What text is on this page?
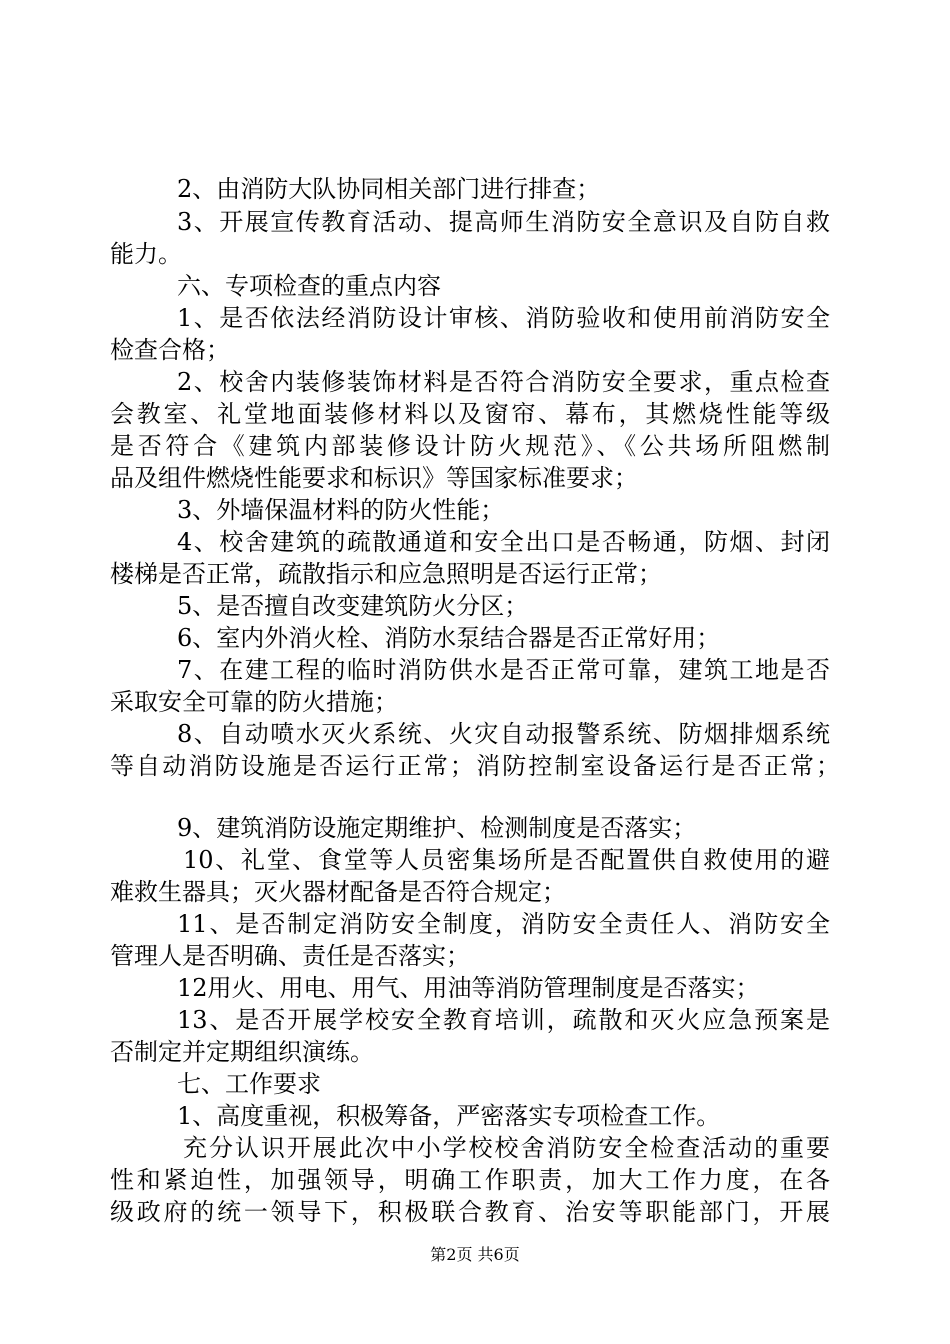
2、由消防大队协同相关部门进行排查；

3、开展宣传教育活动、提高师生消防安全意识及自防自救

能力。

六、专项检查的重点内容

1、是否依法经消防设计审核、消防验收和使用前消防安全

检查合格；

2、校舍内装修装饰材料是否符合消防安全要求，重点检查

会教室、礼堂地面装修材料以及窗帘、幕布，其燃烧性能等级

是否符合《建筑内部装修设计防火规范》、《公共场所阻燃制

品及组件燃烧性能要求和标识》等国家标准要求；

3、外墙保温材料的防火性能；

4、校舍建筑的疏散通道和安全出口是否畅通，防烟、封闭

楼梯是否正常，疏散指示和应急照明是否运行正常；

5、是否擅自改变建筑防火分区；

6、室内外消火栓、消防水泵结合器是否正常好用；

7、在建工程的临时消防供水是否正常可靠，建筑工地是否

采取安全可靠的防火措施；

8、自动喷水灭火系统、火灾自动报警系统、防烟排烟系统

等自动消防设施是否运行正常；消防控制室设备运行是否正常；

9、建筑消防设施定期维护、检测制度是否落实；

10、礼堂、食堂等人员密集场所是否配置供自救使用的避

难救生器具；灭火器材配备是否符合规定；

11、是否制定消防安全制度，消防安全责任人、消防安全

管理人是否明确、责任是否落实；

12用火、用电、用气、用油等消防管理制度是否落实；

13、是否开展学校安全教育培训，疏散和灭火应急预案是

否制定并定期组织演练。

七、工作要求

1、高度重视，积极筹备，严密落实专项检查工作。

充分认识开展此次中小学校校舍消防安全检查活动的重要

性和紧迫性，加强领导，明确工作职责，加大工作力度，在各

级政府的统一领导下，积极联合教育、治安等职能部门，开展

第2页 共6页
